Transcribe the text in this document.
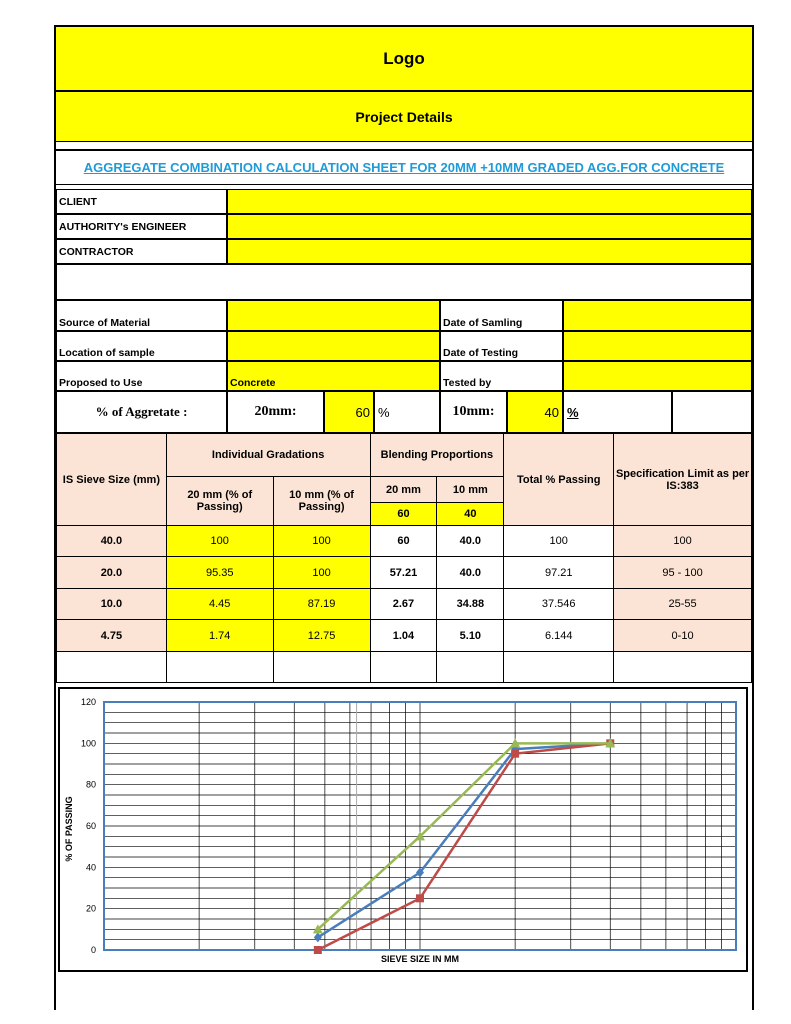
Logo
Project Details
AGGREGATE COMBINATION CALCULATION SHEET FOR 20MM +10MM GRADED AGG.FOR CONCRETE
CLIENT
AUTHORITY's ENGINEER
CONTRACTOR
Source of Material	Date of Samling
Location of sample	Date of Testing
Proposed to Use	Concrete	Tested by
% of Aggretate :	20mm:	60 %	10mm:	40 %
IS Sieve Size (mm)	Individual Gradations		Blending Proportions		Total % Passing	Specification Limit as per IS:383
	20 mm (% of Passing)	10 mm (% of Passing)	20 mm	10 mm		
			60	40		
40.0	100	100	60	40.0	100	100
20.0	95.35	100	57.21	40.0	97.21	95 - 100
10.0	4.45	87.19	2.67	34.88	37.546	25-55
4.75	1.74	12.75	1.04	5.10	6.144	0-10

% OF PASSING
SIEVE SIZE IN MM
0
20
40
60
80
100
120
